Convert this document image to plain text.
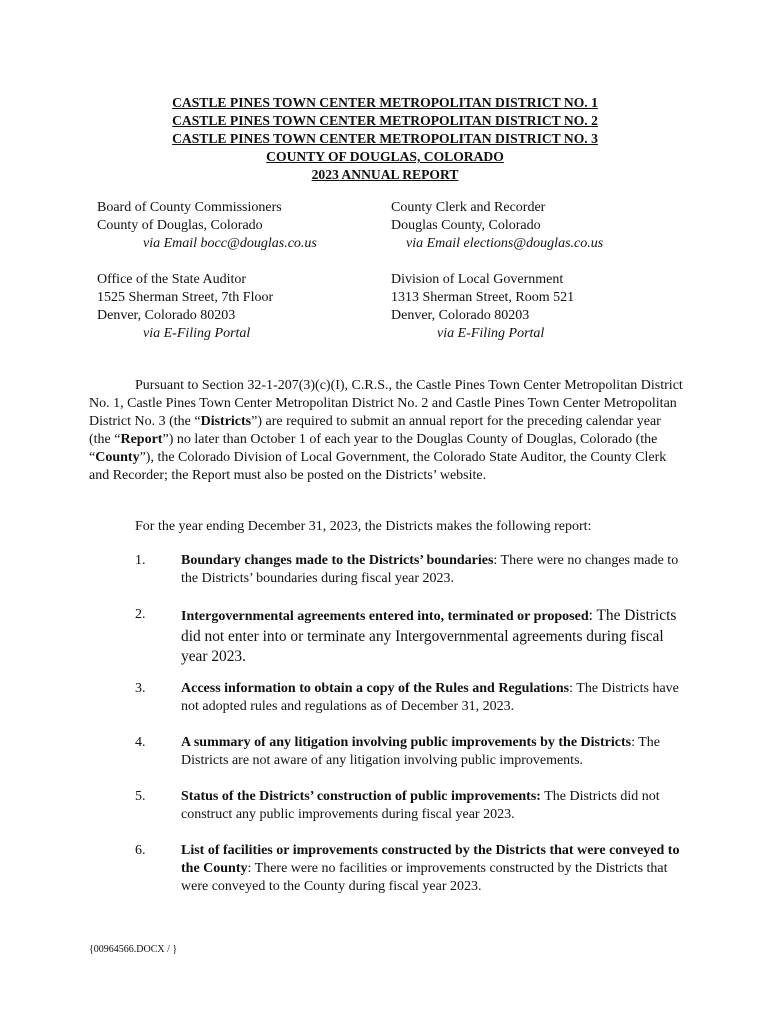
CASTLE PINES TOWN CENTER METROPOLITAN DISTRICT NO. 1
CASTLE PINES TOWN CENTER METROPOLITAN DISTRICT NO. 2
CASTLE PINES TOWN CENTER METROPOLITAN DISTRICT NO. 3
COUNTY OF DOUGLAS, COLORADO
2023 ANNUAL REPORT
Board of County Commissioners
County of Douglas, Colorado
via Email bocc@douglas.co.us
County Clerk and Recorder
Douglas County, Colorado
via Email elections@douglas.co.us
Office of the State Auditor
1525 Sherman Street, 7th Floor
Denver, Colorado 80203
via E-Filing Portal
Division of Local Government
1313 Sherman Street, Room 521
Denver, Colorado 80203
via E-Filing Portal
Pursuant to Section 32-1-207(3)(c)(I), C.R.S., the Castle Pines Town Center Metropolitan District No. 1, Castle Pines Town Center Metropolitan District No. 2 and Castle Pines Town Center Metropolitan District No. 3 (the “Districts”) are required to submit an annual report for the preceding calendar year (the “Report”) no later than October 1 of each year to the Douglas County of Douglas, Colorado (the “County”), the Colorado Division of Local Government, the Colorado State Auditor, the County Clerk and Recorder; the Report must also be posted on the Districts’ website.
For the year ending December 31, 2023, the Districts makes the following report:
1.	Boundary changes made to the Districts’ boundaries: There were no changes made to the Districts’ boundaries during fiscal year 2023.
2.	Intergovernmental agreements entered into, terminated or proposed: The Districts did not enter into or terminate any Intergovernmental agreements during fiscal year 2023.
3.	Access information to obtain a copy of the Rules and Regulations: The Districts have not adopted rules and regulations as of December 31, 2023.
4.	A summary of any litigation involving public improvements by the Districts: The Districts are not aware of any litigation involving public improvements.
5.	Status of the Districts’ construction of public improvements: The Districts did not construct any public improvements during fiscal year 2023.
6.	List of facilities or improvements constructed by the Districts that were conveyed to the County: There were no facilities or improvements constructed by the Districts that were conveyed to the County during fiscal year 2023.
{00964566.DOCX / }
